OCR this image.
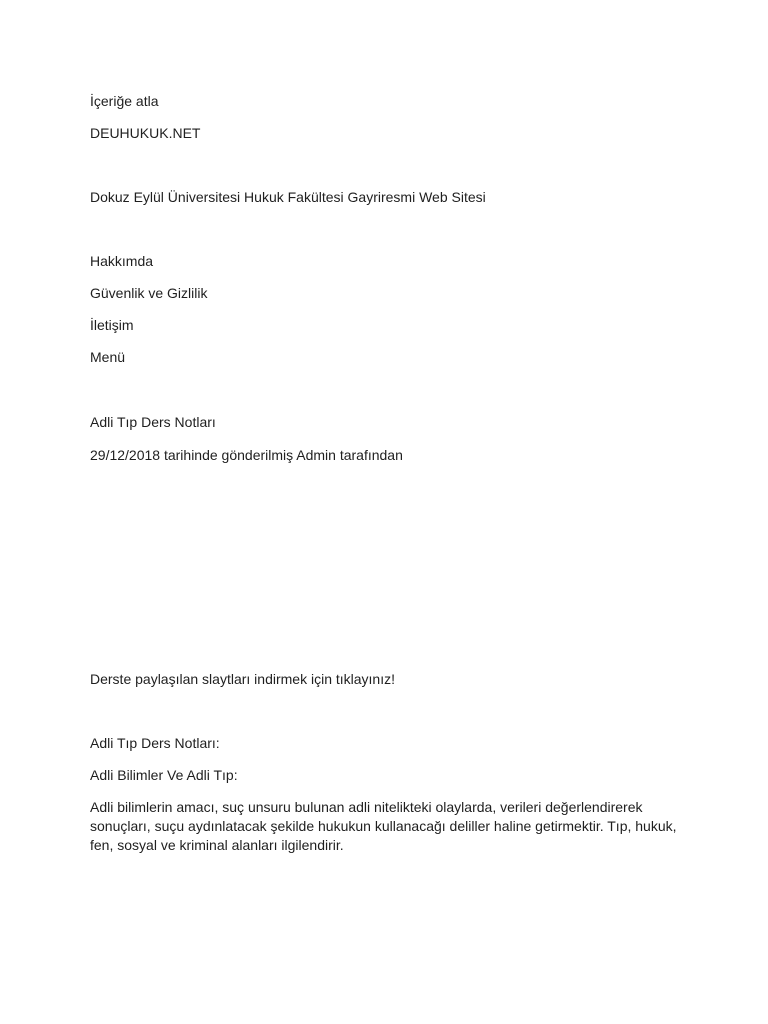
İçeriğe atla
DEUHUKUK.NET

Dokuz Eylül Üniversitesi Hukuk Fakültesi Gayriresmi Web Sitesi

Hakkımda
Güvenlik ve Gizlilik
İletişim
Menü
Adli Tıp Ders Notları

29/12/2018 tarihinde gönderilmiş Admin tarafından

Derste paylaşılan slaytları indirmek için tıklayınız!

Adli Tıp Ders Notları:

Adli Bilimler Ve Adli Tıp:

Adli bilimlerin amacı, suç unsuru bulunan adli nitelikteki olaylarda, verileri değerlendirerek sonuçları, suçu aydınlatacak şekilde hukukun kullanacağı deliller haline getirmektir. Tıp, hukuk, fen, sosyal ve kriminal alanları ilgilendirir.
